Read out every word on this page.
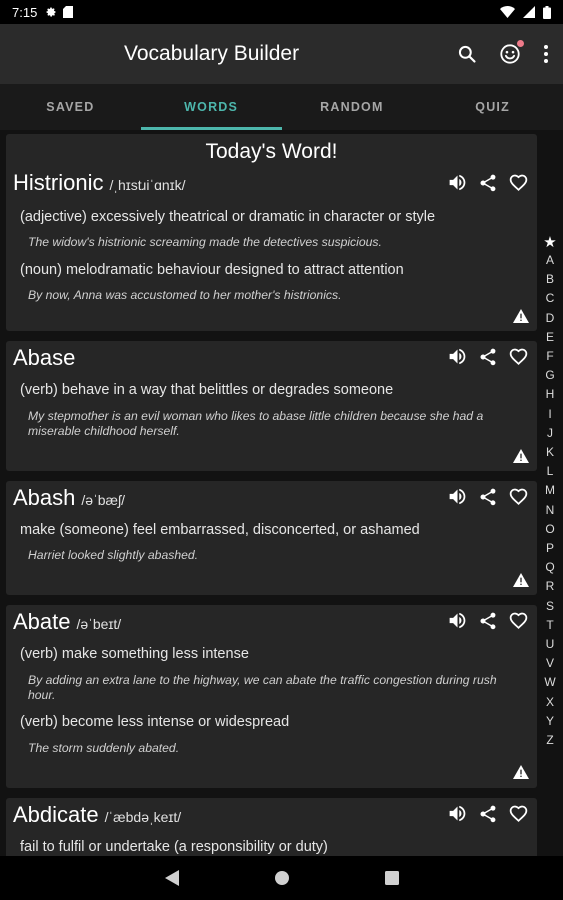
7:15
Vocabulary Builder
SAVED	WORDS	RANDOM	QUIZ
Today's Word!
Histrionic /ˌhɪstɹiˈɑnɪk/
(adjective) excessively theatrical or dramatic in character or style
The widow's histrionic screaming made the detectives suspicious.
(noun) melodramatic behaviour designed to attract attention
By now, Anna was accustomed to her mother's histrionics.
Abase
(verb) behave in a way that belittles or degrades someone
My stepmother is an evil woman who likes to abase little children because she had a miserable childhood herself.
Abash /əˈbæʃ/
make (someone) feel embarrassed, disconcerted, or ashamed
Harriet looked slightly abashed.
Abate /əˈbeɪt/
(verb) make something less intense
By adding an extra lane to the highway, we can abate the traffic congestion during rush hour.
(verb) become less intense or widespread
The storm suddenly abated.
Abdicate /ˈæbdəˌkeɪt/
fail to fulfil or undertake (a responsibility or duty)
★
A
B
C
D
E
F
G
H
I
J
K
L
M
N
O
P
Q
R
S
T
U
V
W
X
Y
Z
